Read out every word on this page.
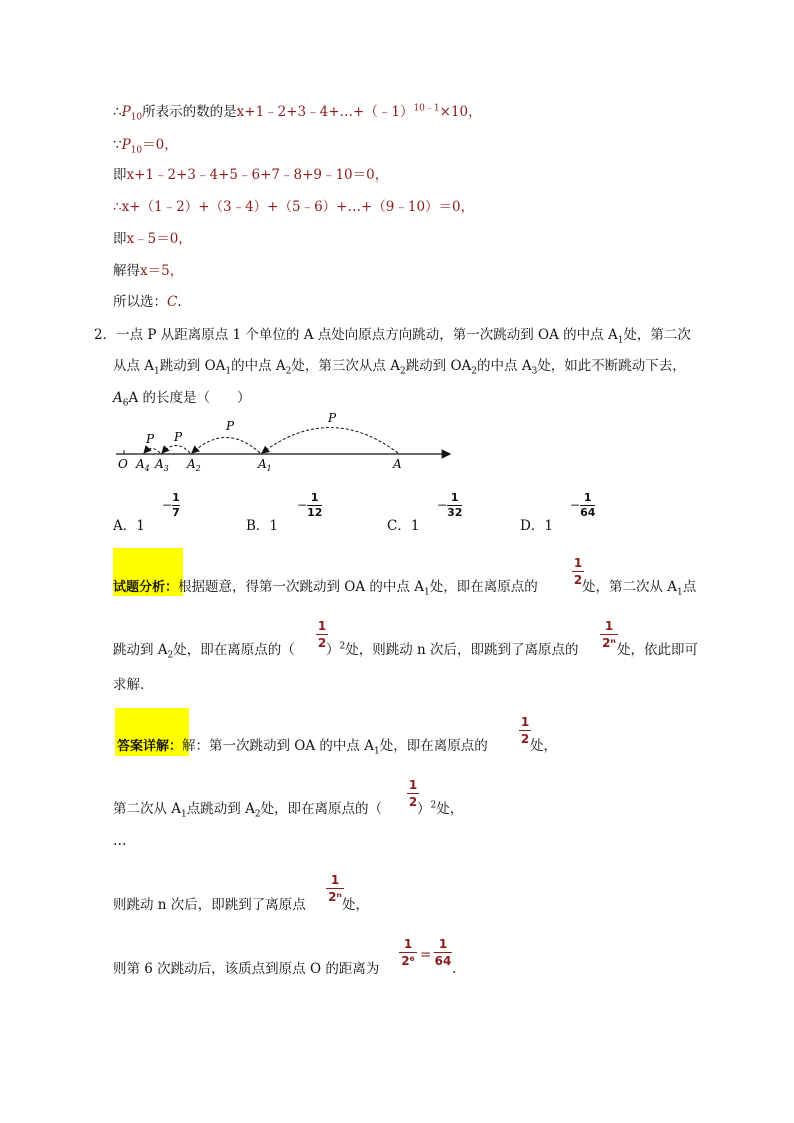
$\therefore P_{10}$所表示的数的是x+1﹣2+3﹣4+…+（﹣1）$^{10﹣1}$×10，
$\because P_{10}=0$，
即x+1﹣2+3﹣4+5﹣6+7﹣8+9﹣10＝0，
∴x+（1﹣2）+（3﹣4）+（5﹣6）+…+（9﹣10）＝0，
即x﹣5＝0，
解得x＝5，
所以选：C.
2．一点 P 从距离原点 1 个单位的 A 点处向原点方向跳动，第一次跳动到 OA 的中点 $A_1$处，第二次
从点 $A_1$跳动到 $OA_1$的中点 $A_2$处，第三次从点 $A_2$跳动到 $OA_2$的中点 $A_3$处，如此不断跳动下去，
$A_6A$ 的长度是（　　）
P
P
P
P
O $A_4$ $A_3$ $A_2$	$A_1$	A
A．1
$-\frac{1}{7}$
B．1
$-\frac{1}{12}$
C．1
$-\frac{1}{32}$
D．1
$-\frac{1}{64}$
试题分析：根据题意，得第一次跳动到 OA 的中点 $A_1$处，即在离原点的
1
2 处，第二次从 $A_1$点
跳动到 $A_2$处，即在离原点的（
1
2 ）$^2$处，则跳动 n 次后，即跳到了离原点的
1
2ⁿ 处，依此即可
求解．
答案详解：解：第一次跳动到 OA 的中点 $A_1$处，即在离原点的
1
2 处，
第二次从 $A_1$点跳动到 $A_2$处，即在离原点的（
1
2 ）$^2$处，
…
则跳动 n 次后，即跳到了离原点
1
2ⁿ 处，
则第 6 次跳动后，该质点到原点 O 的距离为
1
2⁶ =
1
64 .
